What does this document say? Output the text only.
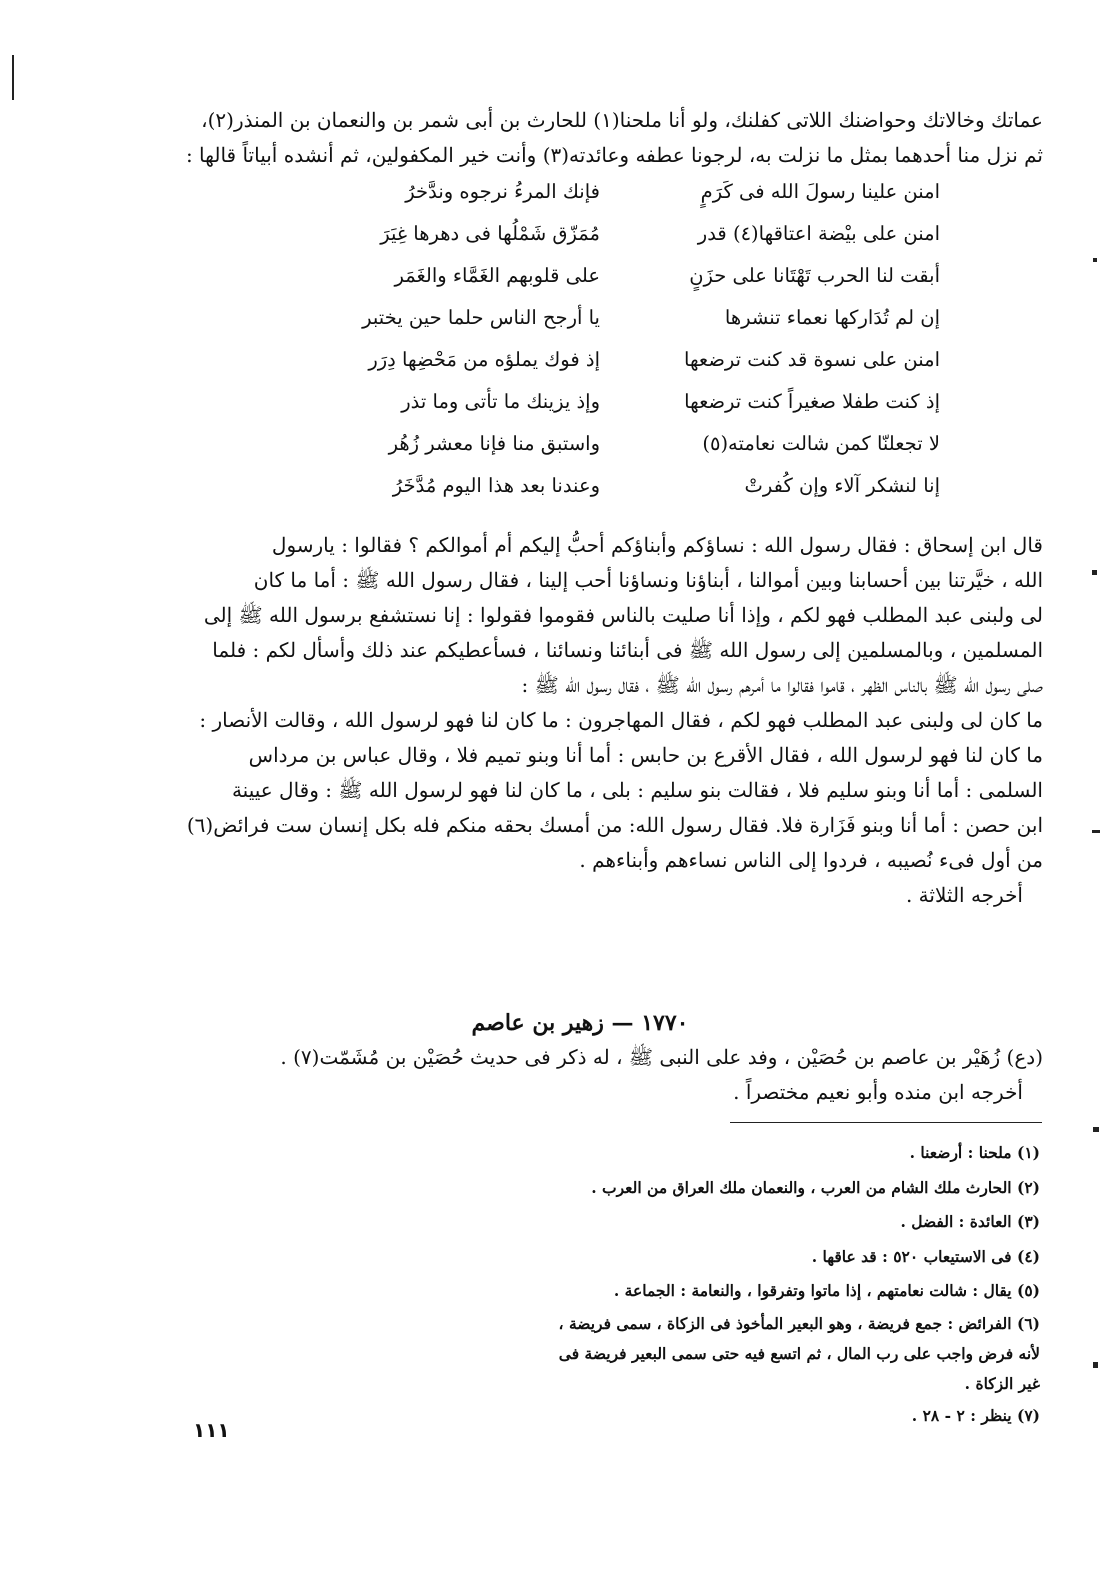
عماتك وخالاتك وحواضنك اللاتى كفلنك، ولو أنا ملحنا(١) للحارث بن أبى شمر بن والنعمان بن المنذر(٢)،
ثم نزل منا أحدهما بمثل ما نزلت به، لرجونا عطفه وعائدته(٣) وأنت خير المكفولين، ثم أنشده أبياتاً قالها :
امنن علينا رسولَ الله فى كَرَمٍ
فإنك المرءُ نرجوه وندَّخرُ
امنن على بيْضة اعتاقها(٤) قدر
مُمَزّق شَمْلُها فى دهرها غِيَرَ
أبقت لنا الحرب تَهْتَانا على حزَنٍ
على قلوبهم الغَمَّاء والغَمَر
إن لم تُدَاركها نعماء تنشرها
يا أرجح الناس حلما حين يختبر
امنن على نسوة قد كنت ترضعها
إذ فوك يملؤه من مَحْضِها دِرَر
إذ كنت طفلا صغيراً كنت ترضعها
وإذ يزينك ما تأتى وما تذر
لا تجعلنّا كمن شالت نعامته(٥)
واستبق منا فإنا معشر زُهُر
إنا لنشكر آلاء وإن كُفرتْ
وعندنا بعد هذا اليوم مُدَّخَرُ
قال ابن إسحاق : فقال رسول الله : نساؤكم وأبناؤكم أحبُّ إليكم أم أموالكم ؟ فقالوا : يارسول
الله ، خيَّرتنا بين أحسابنا وبين أموالنا ، أبناؤنا ونساؤنا أحب إلينا ، فقال رسول الله ﷺ : أما ما كان
لى ولبنى عبد المطلب فهو لكم ، وإذا أنا صليت بالناس فقوموا فقولوا : إنا نستشفع برسول الله ﷺ إلى
المسلمين ، وبالمسلمين إلى رسول الله ﷺ فى أبنائنا ونسائنا ، فسأعطيكم عند ذلك وأسأل لكم : فلما
صلى رسول الله ﷺ بالناس الظهر ، قاموا فقالوا ما أمرهم رسول الله ﷺ ، فقال رسول الله ﷺ :
ما كان لى ولبنى عبد المطلب فهو لكم ، فقال المهاجرون : ما كان لنا فهو لرسول الله ، وقالت الأنصار :
ما كان لنا فهو لرسول الله ، فقال الأقرع بن حابس : أما أنا وبنو تميم فلا ، وقال عباس بن مرداس
السلمى : أما أنا وبنو سليم فلا ، فقالت بنو سليم : بلى ، ما كان لنا فهو لرسول الله ﷺ : وقال عيينة
ابن حصن : أما أنا وبنو فَزَارة فلا. فقال رسول الله: من أمسك بحقه منكم فله بكل إنسان ست فرائض(٦)
من أول فىء نُصيبه ، فردوا إلى الناس نساءهم وأبناءهم .
أخرجه الثلاثة .
١٧٧٠ — زهير بن عاصم
(دع) زُهَيْر بن عاصم بن حُصَيْن ، وفد على النبى ﷺ ، له ذكر فى حديث حُصَيْن بن مُشَمّت(٧) .
أخرجه ابن منده وأبو نعيم مختصراً .

(١) ملحنا : أرضعنا .

(٢) الحارث ملك الشام من العرب ، والنعمان ملك العراق من العرب .

(٣) العائدة : الفضل .

(٤) فى الاستيعاب ٥٢٠ : قد عاقها .

(٥) يقال : شالت نعامتهم ، إذا ماتوا وتفرقوا ، والنعامة : الجماعة .

(٦) الفرائض : جمع فريضة ، وهو البعير المأخوذ فى الزكاة ، سمى فريضة ، لأنه فرض واجب على رب المال ، ثم اتسع فيه حتى سمى البعير فريضة فى غير الزكاة .

(٧) ينظر : ٢ - ٢٨ .

١١١
